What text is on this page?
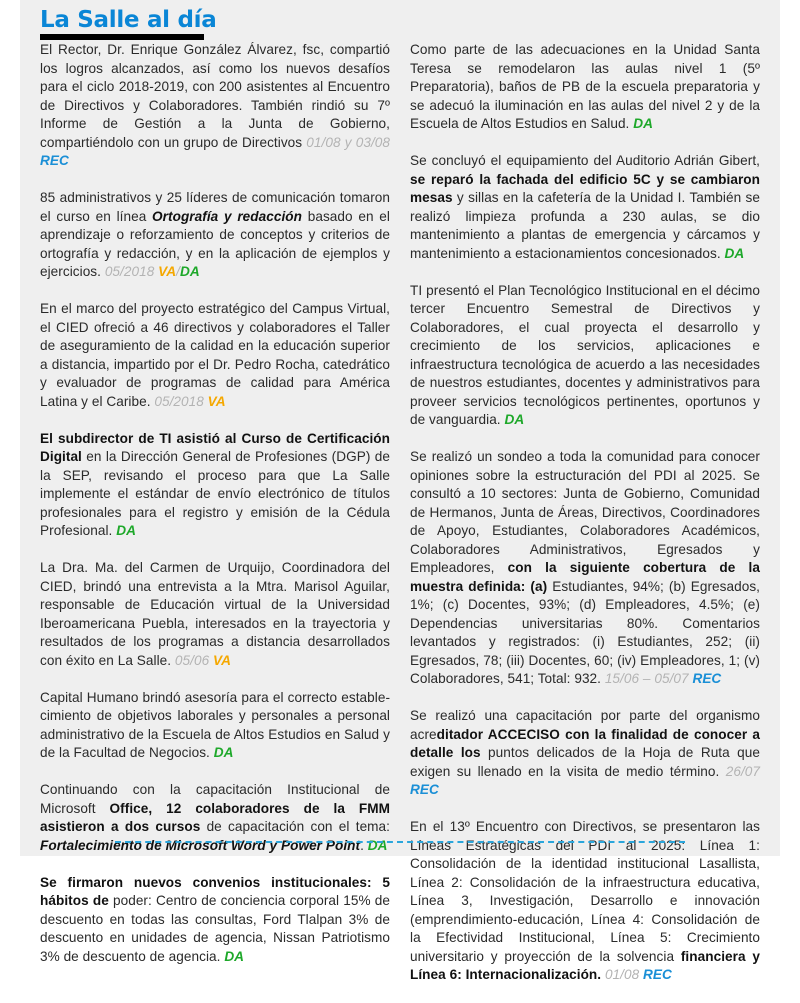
La Salle al día

El Rector, Dr. Enrique González Álvarez, fsc, compartió los logros alcanzados, así como los nuevos desafíos para el ciclo 2018-2019, con 200 asistentes al Encuentro de Directivos y Colaboradores. También rindió su 7º Informe de Gestión a la Junta de Gobierno, compartiéndolo con un grupo de Directivos 01/08 y 03/08 REC

85 administrativos y 25 líderes de comunicación tomaron el curso en línea Ortografía y redacción basado en el aprendizaje o reforzamiento de conceptos y criterios de ortografía y redacción, y en la aplicación de ejemplos y ejercicios. 05/2018 VA/DA

En el marco del proyecto estratégico del Campus Virtual, el CIED ofreció a 46 directivos y colaboradores el Taller de aseguramiento de la calidad en la educación superior a distancia, impartido por el Dr. Pedro Rocha, catedrático y evaluador de programas de calidad para América Latina y el Caribe. 05/2018 VA

El subdirector de TI asistió al Curso de Certificación Digital en la Dirección General de Profesiones (DGP) de la SEP, revisando el proceso para que La Salle implemente el estándar de envío electrónico de títulos profesionales para el registro y emisión de la Cédula Profesional. DA

La Dra. Ma. del Carmen de Urquijo, Coordinadora del CIED, brindó una entrevista a la Mtra. Marisol Aguilar, responsable de Educación virtual de la Universidad Iberoamericana Puebla, interesados en la trayectoria y resultados de los programas a distancia desarrollados con éxito en La Salle. 05/06 VA

Capital Humano brindó asesoría para el correcto establecimiento de objetivos laborales y personales a personal administrativo de la Escuela de Altos Estudios en Salud y de la Facultad de Negocios. DA

Continuando con la capacitación Institucional de Microsoft Office, 12 colaboradores de la FMM asistieron a dos cursos de capacitación con el tema: Fortalecimiento de Microsoft Word y Power Point. DA

Se firmaron nuevos convenios institucionales: 5 hábitos de poder: Centro de conciencia corporal 15% de descuento en todas las consultas, Ford Tlalpan 3% de descuento en unidades de agencia, Nissan Patriotismo 3% de descuento de agencia. DA

Como parte de las adecuaciones en la Unidad Santa Teresa se remodelaron las aulas nivel 1 (5º Preparatoria), baños de PB de la escuela preparatoria y se adecuó la iluminación en las aulas del nivel 2 y de la Escuela de Altos Estudios en Salud. DA

Se concluyó el equipamiento del Auditorio Adrián Gibert, se reparó la fachada del edificio 5C y se cambiaron mesas y sillas en la cafetería de la Unidad I. También se realizó limpieza profunda a 230 aulas, se dio mantenimiento a plantas de emergencia y cárcamos y mantenimiento a estacionamientos concesionados. DA

TI presentó el Plan Tecnológico Institucional en el décimo tercer Encuentro Semestral de Directivos y Colaboradores, el cual proyecta el desarrollo y crecimiento de los servicios, aplicaciones e infraestructura tecnológica de acuerdo a las necesidades de nuestros estudiantes, docentes y administrativos para proveer servicios tecnológicos pertinentes, oportunos y de vanguardia. DA

Se realizó un sondeo a toda la comunidad para conocer opiniones sobre la estructuración del PDI al 2025. Se consultó a 10 sectores: Junta de Gobierno, Comunidad de Hermanos, Junta de Áreas, Directivos, Coordinadores de Apoyo, Estudiantes, Colaboradores Académicos, Colaboradores Administrativos, Egresados y Empleadores, con la siguiente cobertura de la muestra definida: (a) Estudiantes, 94%; (b) Egresados, 1%; (c) Docentes, 93%; (d) Empleadores, 4.5%; (e) Dependencias universitarias 80%. Comentarios levantados y registrados: (i) Estudiantes, 252; (ii) Egresados, 78; (iii) Docentes, 60; (iv) Empleadores, 1; (v) Colaboradores, 541; Total: 932. 15/06 – 05/07 REC

Se realizó una capacitación por parte del organismo acreditador ACCECISO con la finalidad de conocer a detalle los puntos delicados de la Hoja de Ruta que exigen su llenado en la visita de medio término. 26/07 REC

En el 13º Encuentro con Directivos, se presentaron las Líneas Estratégicas del PDI al 2025: Línea 1: Consolidación de la identidad institucional Lasallista, Línea 2: Consolidación de la infraestructura educativa, Línea 3, Investigación, Desarrollo e innovación (emprendimiento-educación, Línea 4: Consolidación de la Efectividad Institucional, Línea 5: Crecimiento universitario y proyección de la solvencia financiera y Línea 6: Internacionalización. 01/08 REC
